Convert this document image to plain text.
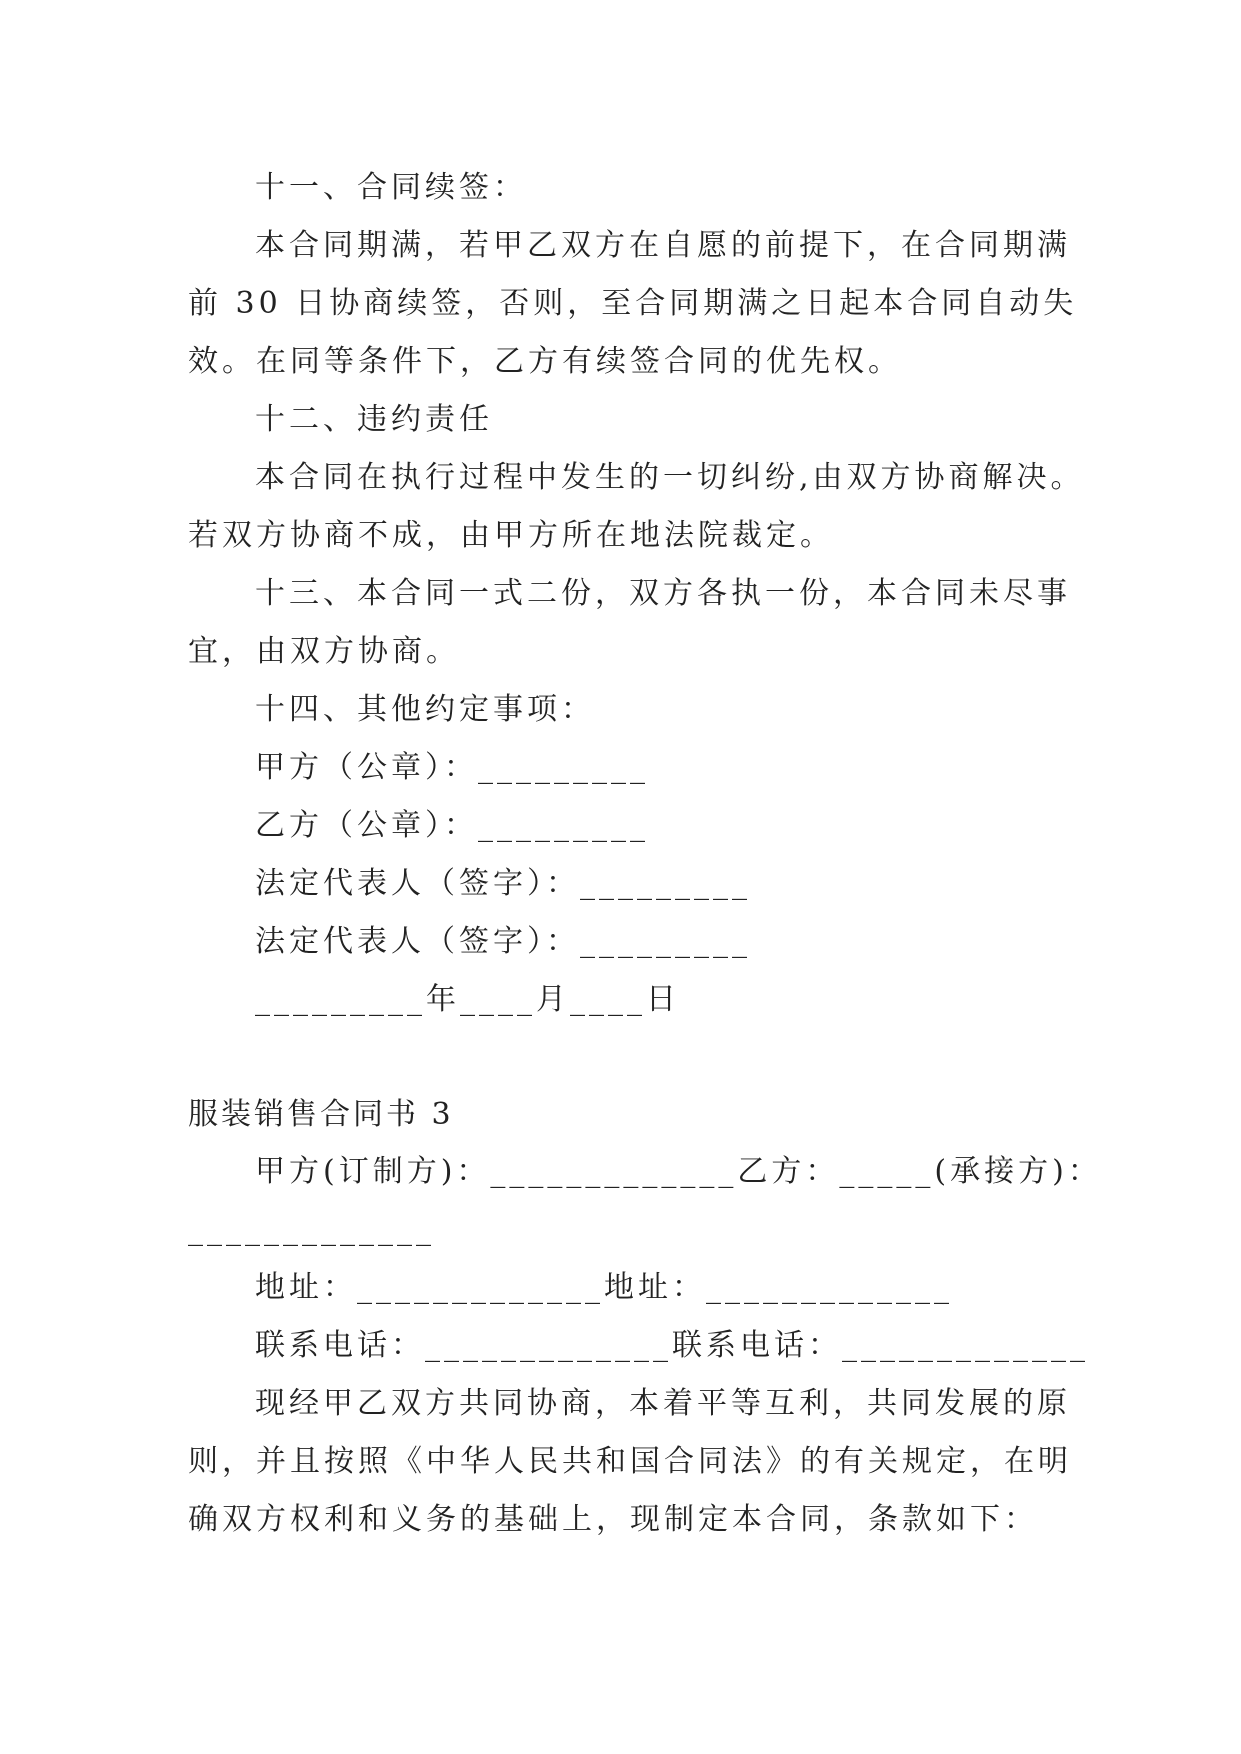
十一、合同续签：
本合同期满，若甲乙双方在自愿的前提下，在合同期满
前 30 日协商续签，否则，至合同期满之日起本合同自动失
效。在同等条件下，乙方有续签合同的优先权。
十二、违约责任
本合同在执行过程中发生的一切纠纷,由双方协商解决。
若双方协商不成，由甲方所在地法院裁定。
十三、本合同一式二份，双方各执一份，本合同未尽事
宜，由双方协商。
十四、其他约定事项：
甲方（公章）：_________
乙方（公章）：_________
法定代表人（签字）：_________
法定代表人（签字）：_________
_________年____月____日
服装销售合同书 3
甲方(订制方)：_____________乙方：_____(承接方)：
_____________
地址：_____________地址：_____________
联系电话：_____________联系电话：_____________
现经甲乙双方共同协商，本着平等互利，共同发展的原
则，并且按照《中华人民共和国合同法》的有关规定，在明
确双方权利和义务的基础上，现制定本合同，条款如下：
